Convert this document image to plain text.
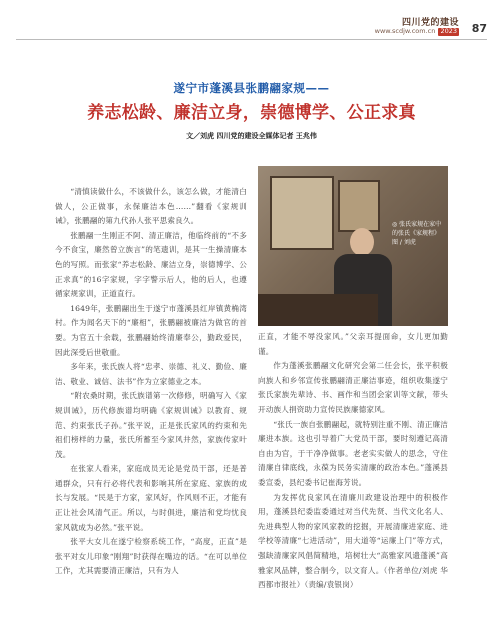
四川党的建设
www.scdjw.com.cn 2023 87
遂宁市蓬溪县张鹏翮家规——
养志松龄、廉洁立身，崇德博学、公正求真
文／刘虎 四川党的建设全媒体记者 王兆伟
◎ 张氏家规在家中的张氏《家规程》图 / 刘虎

“清慎读做什么，不该做什么，该怎么做，才能清白做人，公正做事，永保廉洁本色……”翻看《家规训诫》，张鹏翮的第九代孙人张平思索良久。

张鹏翮一生刚正不阿、清正廉洁，他临终前的“不多今不食宝，廉然曾立族言”的笔遗训，是其一生操清廉本色的写照。而张家“养志松龄、廉洁立身，崇德博学、公正求真”的16字家规，字字警示后人，他的后人，也遵循家规家训，正道直行。

1649年，张鹏翮出生于遂宁市蓬溪县红岸镇黄桷湾村。作为闻名天下的“廉相”，张鹏翮被廉洁为做官的首要。为官五十余载，张鹏翮始终清廉奉公，勤政爱民，因此深受后世敬重。

多年来，张氏族人将“忠孝、崇德、礼义、勤俭、廉洁、敬业、诚信、法书”作为立家德业之本。

“附农桑时期，张氏族谱第一次修修，明确写入《家规训诫》，历代修族谱均明确《家规训诫》以教育、规范、约束张氏子孙。”张平说，正是张氏家风的约束和先祖们榜样的力量，张氏所蓄至今家风井然，家族传家叶茂。

在张家人看来，家庭成员无论是党员干部，还是普通群众，只有行必将代表和影响其所在家庭、家族的成长与发展。“民是于方家，家风好，作风则不正，才能有正让社会风清气正。所以，与时俱进，廉洁和党均忧良家风就成为必然。”张平说。

张平大女儿在遂宁检察系统工作，“高度，正直”是张平对女儿印象“刚翔”时获得在嘴边的话。“在可以单位工作，尤其需要清正廉洁，只有为人

正直，才能不辱没家风。”父亲耳提面命，女儿更加勤谨。

作为蓬溪张鹏翮文化研究会第二任会长，张平积极向族人和乡邻宣传张鹏翮清正廉洁事迹，组织收集遂宁张氏家族先辈诗、书、画作和当团会家训等文献，带头开动族人捐资助力宣传民族廉德家风。

“张氏一族自张鹏翮起，就特别注重不刚、清正廉洁廉进本族。这也引导着广大党员干部，要时刻遵记高清自由为官，于干净净做事。老老实实做人的思念，守住清廉自律底线，永葆为民务实清廉的政治本色。”蓬溪县委宣委，县纪委书记崔海芳说。

为发挥优良家风在清廉川政建设治理中的积极作用，蓬溪县纪委监委通过对当代先贤、当代文化名人、先进典型人物的家风家教的挖掘，开展清廉进家庭、进学校等清廉“七进活动”，用大道等“运廉上门”等方式，强缺清廉家风倡简精地，培树壮大“高雅家风遗蓬溪”高雅家风品牌，整合制今，以文育人。（作者单位/刘虎 华西都市报社）（责编/袁银岗）
